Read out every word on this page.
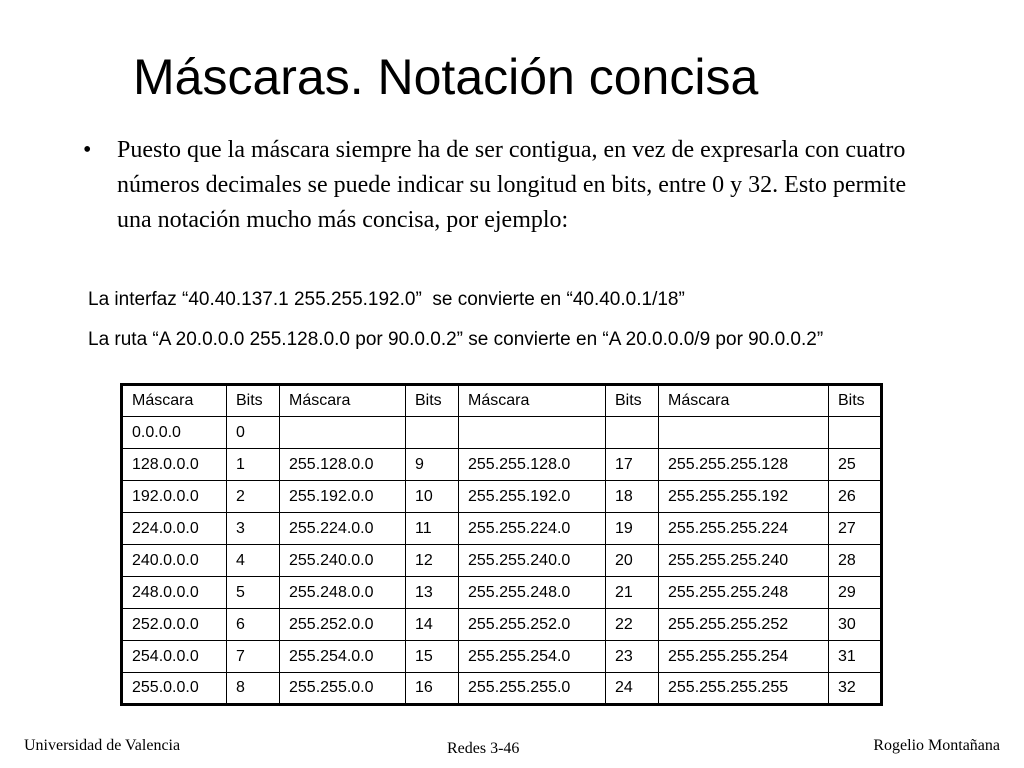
Máscaras. Notación concisa
•	Puesto que la máscara siempre ha de ser contigua, en vez de expresarla con cuatro números decimales se puede indicar su longitud en bits, entre 0 y 32. Esto permite una notación mucho más concisa, por ejemplo:
La interfaz “40.40.137.1 255.255.192.0”  se convierte en “40.40.0.1/18”
La ruta “A 20.0.0.0 255.128.0.0 por 90.0.0.2” se convierte en “A 20.0.0.0/9 por 90.0.0.2”
Máscara	Bits	Máscara	Bits	Máscara	Bits	Máscara	Bits
0.0.0.0	0						
128.0.0.0	1	255.128.0.0	9	255.255.128.0	17	255.255.255.128	25
192.0.0.0	2	255.192.0.0	10	255.255.192.0	18	255.255.255.192	26
224.0.0.0	3	255.224.0.0	11	255.255.224.0	19	255.255.255.224	27
240.0.0.0	4	255.240.0.0	12	255.255.240.0	20	255.255.255.240	28
248.0.0.0	5	255.248.0.0	13	255.255.248.0	21	255.255.255.248	29
252.0.0.0	6	255.252.0.0	14	255.255.252.0	22	255.255.255.252	30
254.0.0.0	7	255.254.0.0	15	255.255.254.0	23	255.255.255.254	31
255.0.0.0	8	255.255.0.0	16	255.255.255.0	24	255.255.255.255	32
Universidad de Valencia	Redes 3-46	Rogelio Montañana
